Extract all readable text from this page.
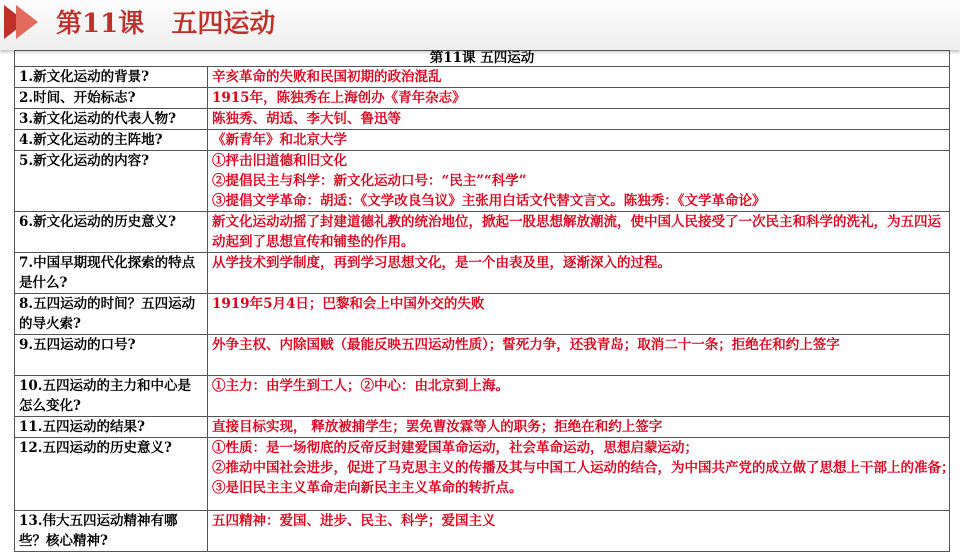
第11课 五四运动
第11课 五四运动	
1.新文化运动的背景?	辛亥革命的失败和民国初期的政治混乱

2.时间、开始标志?	1915年，陈独秀在上海创办《青年杂志》

3.新文化运动的代表人物?	陈独秀、胡适、李大钊、鲁迅等

4.新文化运动的主阵地?	《新青年》和北京大学

5.新文化运动的内容?	①抨击旧道德和旧文化
②提倡民主与科学：新文化运动口号：“民主”“科学”
③提倡文学革命：胡适：《文学改良刍议》主张用白话文代替文言文。陈独秀：《文学革命论》

6.新文化运动的历史意义?	新文化运动动摇了封建道德礼教的统治地位，掀起一股思想解放潮流，使中国人民接受了一次民主和科学的洗礼，为五四运动起到了思想宣传和铺垫的作用。

7.中国早期现代化探索的特点是什么?	从学技术到学制度，再到学习思想文化，是一个由表及里，逐渐深入的过程。

8.五四运动的时间？五四运动的导火索?	1919年5月4日；巴黎和会上中国外交的失败

9.五四运动的口号?	外争主权、内除国贼（最能反映五四运动性质）；誓死力争，还我青岛；取消二十一条；拒绝在和约上签字

10.五四运动的主力和中心是怎么变化?	①主力：由学生到工人；②中心：由北京到上海。

11.五四运动的结果?	直接目标实现， 释放被捕学生；罢免曹汝霖等人的职务；拒绝在和约上签字

12.五四运动的历史意义?	①性质：是一场彻底的反帝反封建爱国革命运动，社会革命运动，思想启蒙运动；
②推动中国社会进步，促进了马克思主义的传播及其与中国工人运动的结合，为中国共产党的成立做了思想上干部上的准备；
③是旧民主主义革命走向新民主主义革命的转折点。

13.伟大五四运动精神有哪些？核心精神?	五四精神：爱国、进步、民主、科学；爱国主义
